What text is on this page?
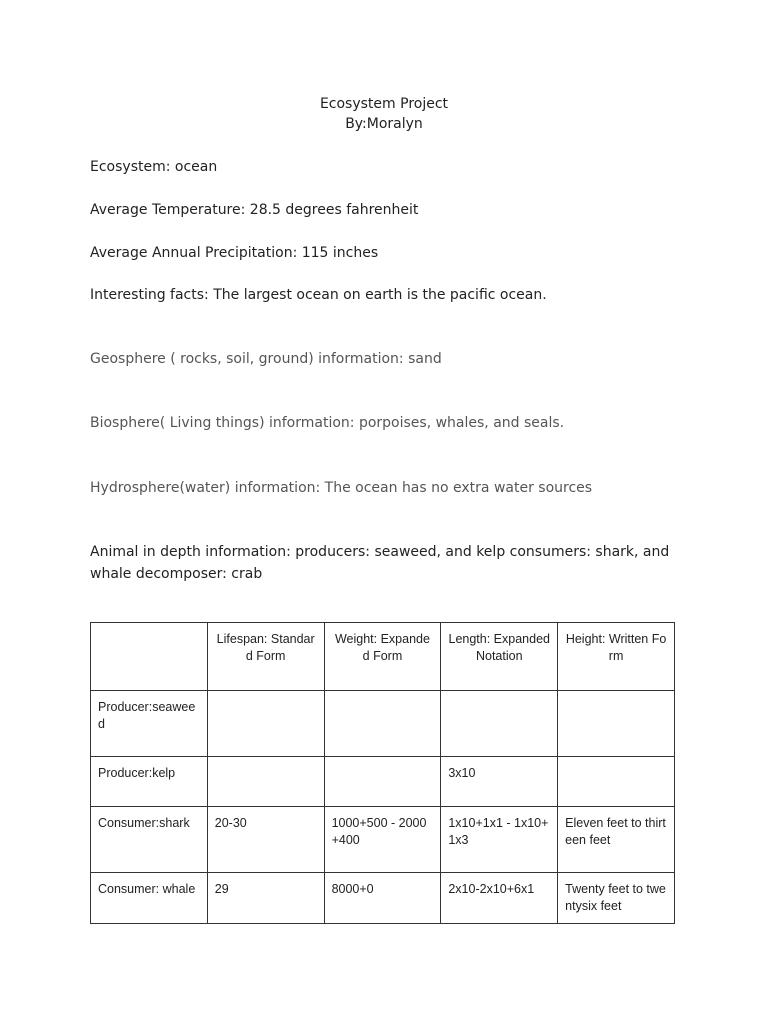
Ecosystem Project
By:Moralyn
Ecosystem: ocean
Average Temperature: 28.5 degrees fahrenheit
Average Annual Precipitation: 115 inches
Interesting facts: The largest ocean on earth is the pacific ocean.
Geosphere ( rocks, soil, ground) information: sand
Biosphere( Living things) information: porpoises, whales, and seals.
Hydrosphere(water) information: The ocean has no extra water sources
Animal in depth information: producers: seaweed, and kelp consumers: shark, and whale decomposer: crab
	Lifespan: Standard Form	Weight: Expanded Form	Length: Expanded Notation	Height: Written Form
Producer:seaweed				
Producer:kelp			3x10	
Consumer:shark	20-30	1000+500 - 2000+400	1x10+1x1 - 1x10+1x3	Eleven feet to thirteen feet
Consumer: whale	29	8000+0	2x10-2x10+6x1	Twenty feet to twentysix feet
